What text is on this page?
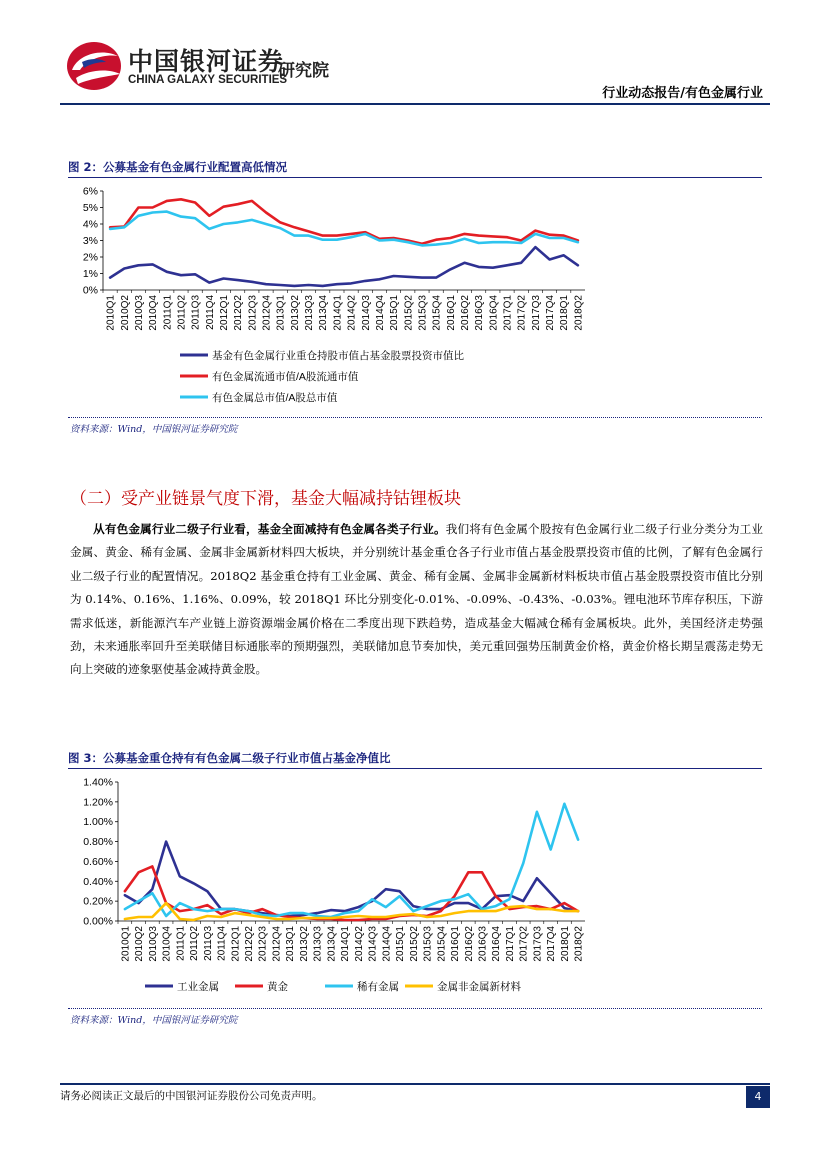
中国银河证券
CHINA GALAXY SECURITIES
研究院
行业动态报告/有色金属行业
图 2：公募基金有色金属行业配置高低情况
0%
1%
2%
3%
4%
5%
6%
2010Q1 2010Q2 2010Q3 2010Q4 2011Q1 2011Q2 2011Q3 2011Q4 2012Q1 2012Q2 2012Q3 2012Q4 2013Q1 2013Q2 2013Q3 2013Q4 2014Q1 2014Q2 2014Q3 2014Q4 2015Q1 2015Q2 2015Q3 2015Q4 2016Q1 2016Q2 2016Q3 2016Q4 2017Q1 2017Q2 2017Q3 2017Q4 2018Q1 2018Q2
基金有色金属行业重仓持股市值占基金股票投资市值比
有色金属流通市值/A股流通市值
有色金属总市值/A股总市值
资料来源：Wind，中国银河证券研究院
（二）受产业链景气度下滑，基金大幅减持钴锂板块
从有色金属行业二级子行业看，基金全面减持有色金属各类子行业。我们将有色金属个股按有色金属行业二级子行业分类分为工业金属、黄金、稀有金属、金属非金属新材料四大板块，并分别统计基金重仓各子行业市值占基金股票投资市值的比例，了解有色金属行业二级子行业的配置情况。2018Q2 基金重仓持有工业金属、黄金、稀有金属、金属非金属新材料板块市值占基金股票投资市值比分别为 0.14%、0.16%、1.16%、0.09%，较 2018Q1 环比分别变化-0.01%、-0.09%、-0.43%、-0.03%。锂电池环节库存积压，下游需求低迷，新能源汽车产业链上游资源端金属价格在二季度出现下跌趋势，造成基金大幅减仓稀有金属板块。此外，美国经济走势强劲，未来通胀率回升至美联储目标通胀率的预期强烈，美联储加息节奏加快，美元重回强势压制黄金价格，黄金价格长期呈震荡走势无向上突破的迹象驱使基金减持黄金股。
图 3：公募基金重仓持有有色金属二级子行业市值占基金净值比
0.00%
0.20%
0.40%
0.60%
0.80%
1.00%
1.20%
1.40%
2010Q1 2010Q2 2010Q3 2010Q4 2011Q1 2011Q2 2011Q3 2011Q4 2012Q1 2012Q2 2012Q3 2012Q4 2013Q1 2013Q2 2013Q3 2013Q4 2014Q1 2014Q2 2014Q3 2014Q4 2015Q1 2015Q2 2015Q3 2015Q4 2016Q1 2016Q2 2016Q3 2016Q4 2017Q1 2017Q2 2017Q3 2017Q4 2018Q1 2018Q2
工业金属	黄金	稀有金属	金属非金属新材料
资料来源：Wind，中国银河证券研究院
请务必阅读正文最后的中国银河证券股份公司免责声明。	4
